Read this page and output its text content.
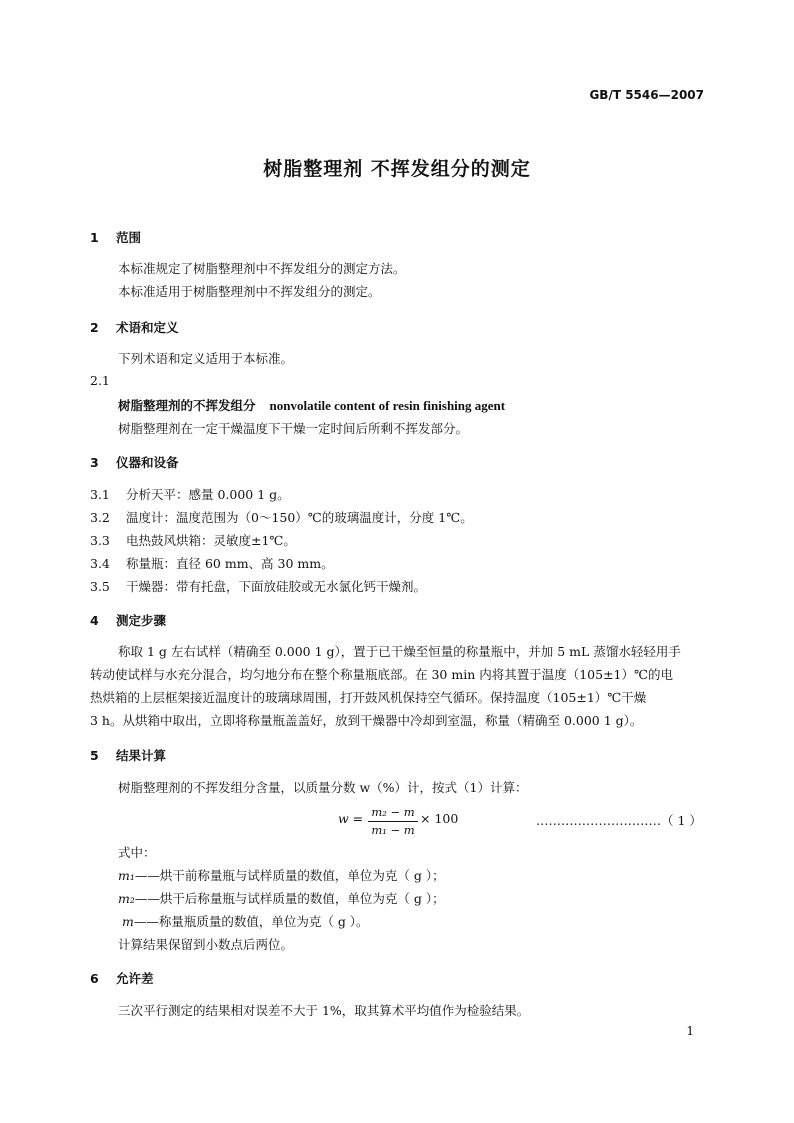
GB/T 5546—2007
树脂整理剂 不挥发组分的测定
1 范围
本标准规定了树脂整理剂中不挥发组分的测定方法。
本标准适用于树脂整理剂中不挥发组分的测定。
2 术语和定义
下列术语和定义适用于本标准。
2.1
树脂整理剂的不挥发组分 nonvolatile content of resin finishing agent
树脂整理剂在一定干燥温度下干燥一定时间后所剩不挥发部分。
3 仪器和设备
3.1 分析天平：感量 0.000 1 g。
3.2 温度计：温度范围为（0～150）℃的玻璃温度计，分度 1℃。
3.3 电热鼓风烘箱：灵敏度±1℃。
3.4 称量瓶：直径 60 mm、高 30 mm。
3.5 干燥器：带有托盘，下面放硅胶或无水氯化钙干燥剂。
4 测定步骤
称取 1 g 左右试样（精确至 0.000 1 g），置于已干燥至恒量的称量瓶中，并加 5 mL 蒸馏水轻轻用手
转动使试样与水充分混合，均匀地分布在整个称量瓶底部。在 30 min 内将其置于温度（105±1）℃的电
热烘箱的上层框架接近温度计的玻璃球周围，打开鼓风机保持空气循环。保持温度（105±1）℃干燥
3 h。从烘箱中取出，立即将称量瓶盖盖好，放到干燥器中冷却到室温，称量（精确至 0.000 1 g）。
5 结果计算
树脂整理剂的不挥发组分含量，以质量分数 w（%）计，按式（1）计算：
w = m₂ − m
m₁ − m
× 100	…………………………（ 1 ）
式中：
m₁——烘干前称量瓶与试样质量的数值，单位为克（ g ）；
m₂——烘干后称量瓶与试样质量的数值，单位为克（ g ）；
m——称量瓶质量的数值，单位为克（ g ）。
计算结果保留到小数点后两位。
6 允许差
三次平行测定的结果相对误差不大于 1%，取其算术平均值作为检验结果。
1
